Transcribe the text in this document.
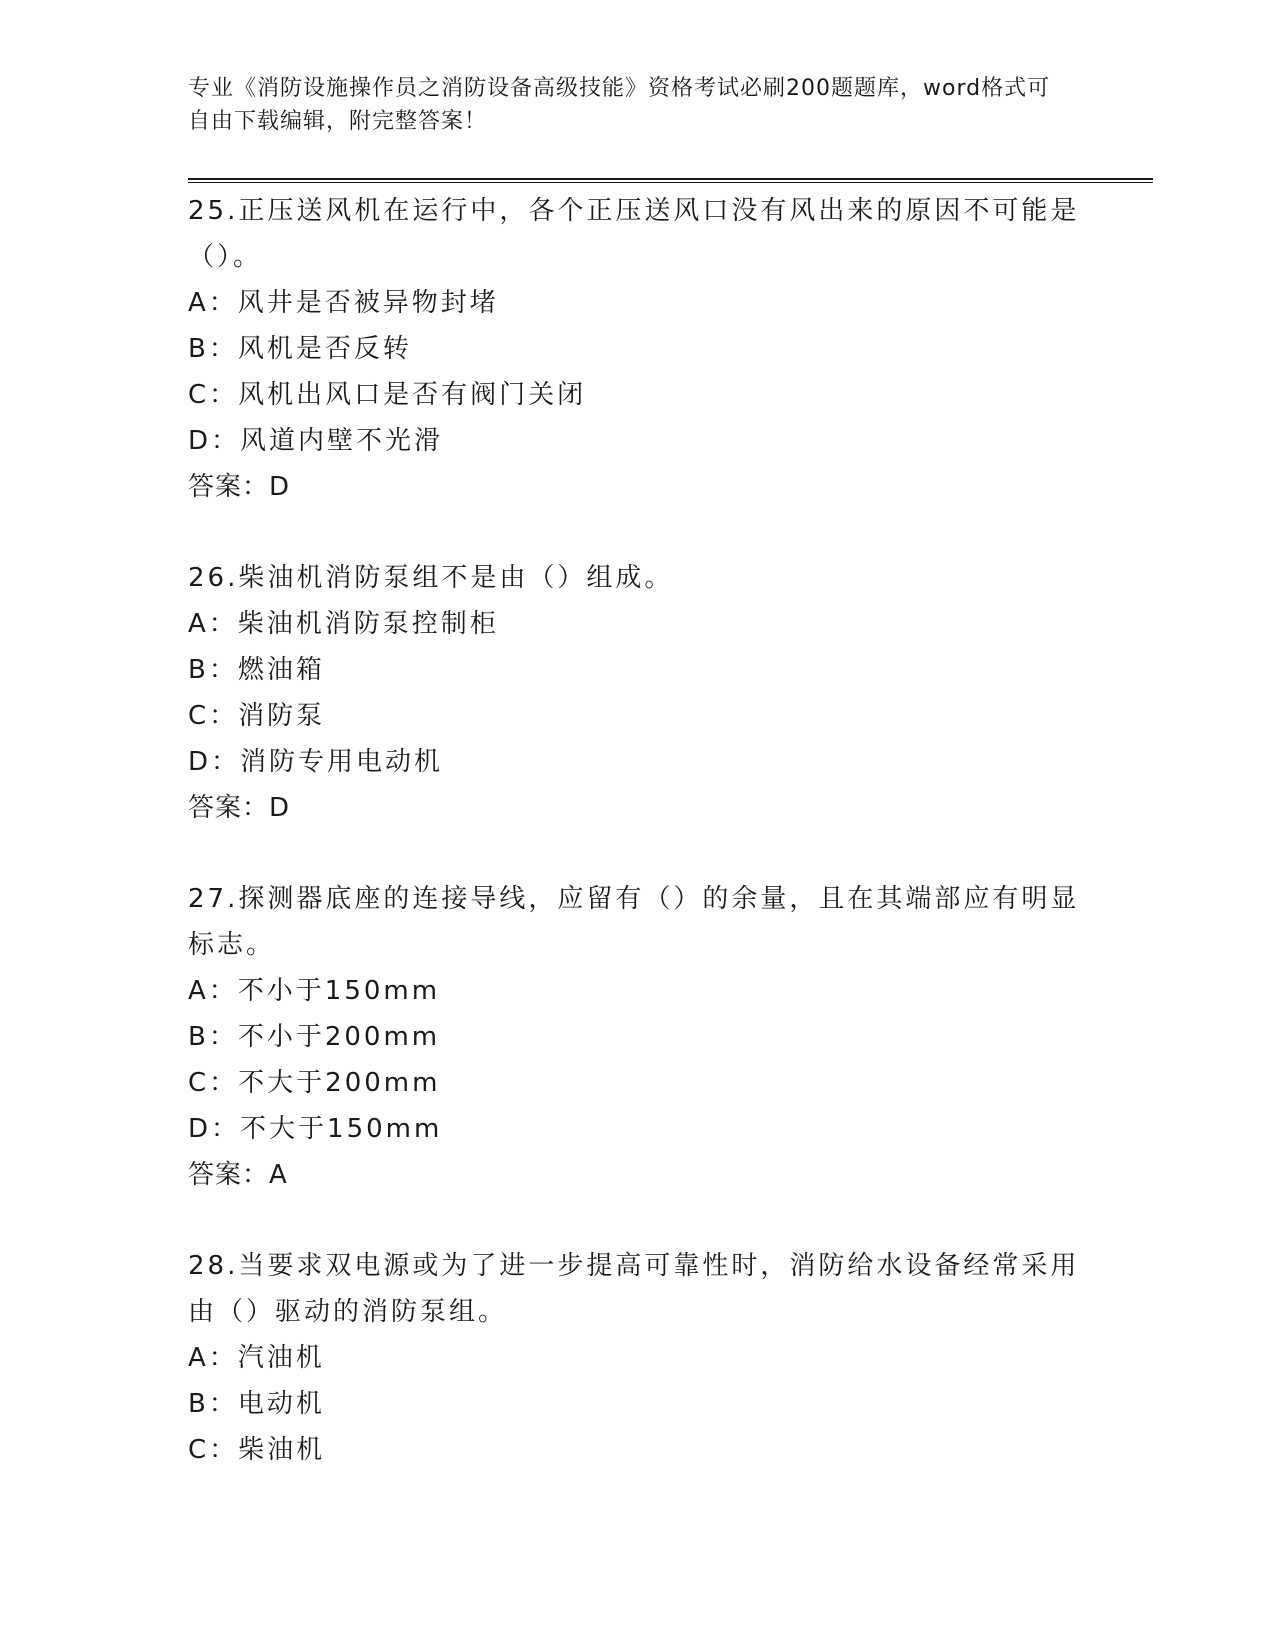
专业《消防设施操作员之消防设备高级技能》资格考试必刷200题题库，word格式可自由下载编辑，附完整答案！
25.正压送风机在运行中，各个正压送风口没有风出来的原因不可能是（）。
A：风井是否被异物封堵
B：风机是否反转
C：风机出风口是否有阀门关闭
D：风道内壁不光滑
答案：D
26.柴油机消防泵组不是由（）组成。
A：柴油机消防泵控制柜
B：燃油箱
C：消防泵
D：消防专用电动机
答案：D
27.探测器底座的连接导线，应留有（）的余量，且在其端部应有明显标志。
A：不小于150mm
B：不小于200mm
C：不大于200mm
D：不大于150mm
答案：A
28.当要求双电源或为了进一步提高可靠性时，消防给水设备经常采用由（）驱动的消防泵组。
A：汽油机
B：电动机
C：柴油机
